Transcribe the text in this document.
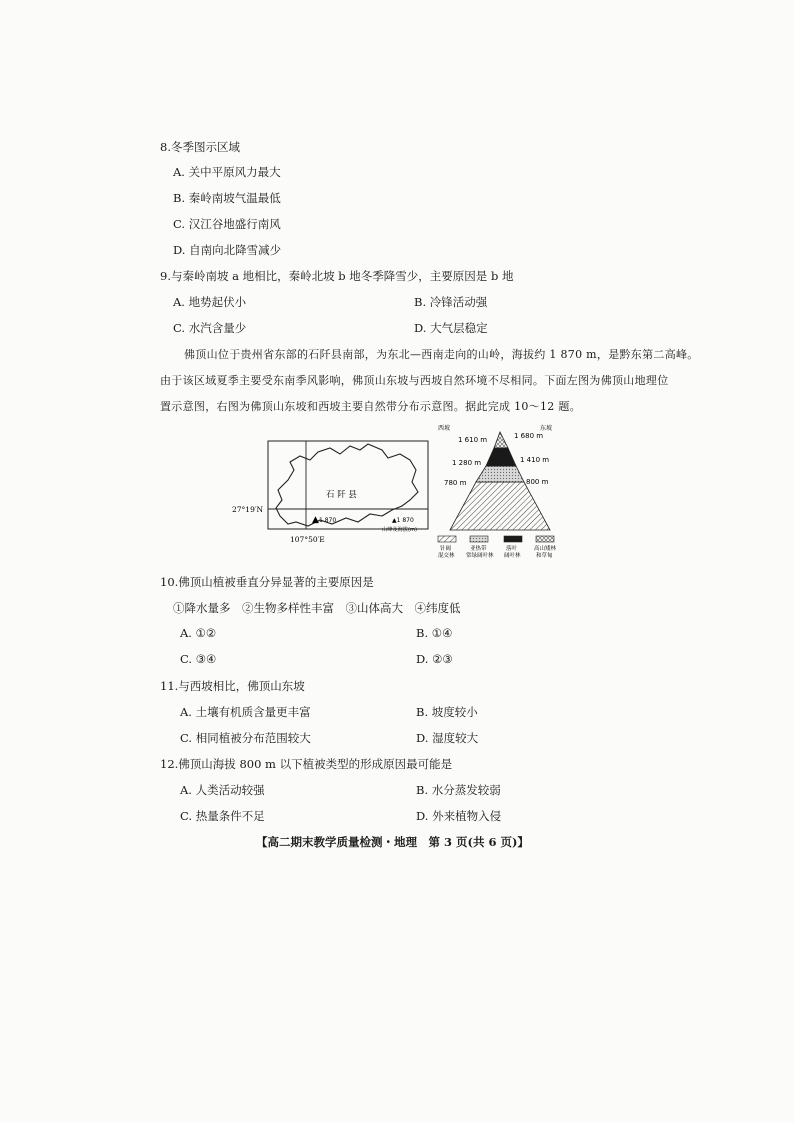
8.冬季图示区域
A. 关中平原风力最大
B. 秦岭南坡气温最低
C. 汉江谷地盛行南风
D. 自南向北降雪减少
9.与秦岭南坡 a 地相比，秦岭北坡 b 地冬季降雪少，主要原因是 b 地
A. 地势起伏小	B. 冷锋活动强
C. 水汽含量少	D. 大气层稳定
佛顶山位于贵州省东部的石阡县南部，为东北—西南走向的山岭，海拔约 1 870 m，是黔东第二高峰。
由于该区域夏季主要受东南季风影响，佛顶山东坡与西坡自然环境不尽相同。下面左图为佛顶山地理位
置示意图，右图为佛顶山东坡和西坡主要自然带分布示意图。据此完成 10～12 题。
石 阡 县
▲ 1 870	▲1 870
山峰及海拔(m)
27°19′N
107°50′E
西坡	东坡
1 610 m
1 280 m
780 m
1 680 m
1 410 m
800 m
针阔
混交林
亚热带
常绿阔叶林
落叶
阔叶林
高山矮林
和草甸
10.佛顶山植被垂直分异显著的主要原因是
①降水量多　②生物多样性丰富　③山体高大　④纬度低
A. ①②	B. ①④
C. ③④	D. ②③
11.与西坡相比，佛顶山东坡
A. 土壤有机质含量更丰富	B. 坡度较小
C. 相同植被分布范围较大	D. 湿度较大
12.佛顶山海拔 800 m 以下植被类型的形成原因最可能是
A. 人类活动较强	B. 水分蒸发较弱
C. 热量条件不足	D. 外来植物入侵
【高二期末教学质量检测・地理　第 3 页(共 6 页)】
